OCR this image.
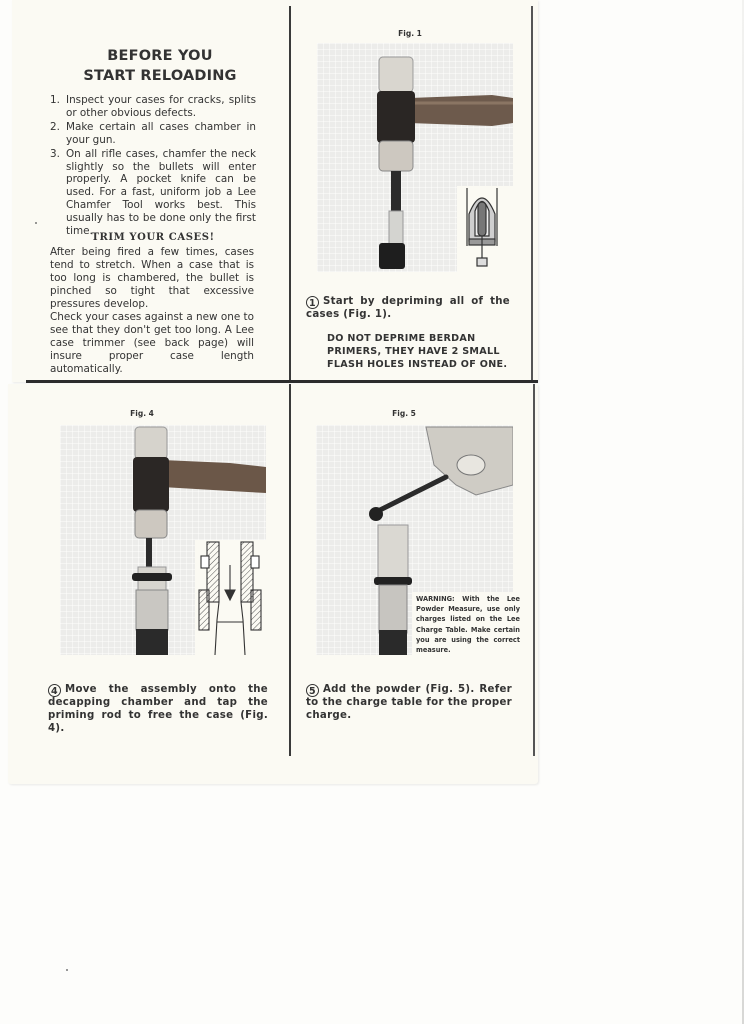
BEFORE YOU
START RELOADING
1. Inspect your cases for cracks, splits or other obvious defects.
2. Make certain all cases chamber in your gun.
3. On all rifle cases, chamfer the neck slightly so the bullets will enter properly. A pocket knife can be used. For a fast, uniform job a Lee Chamfer Tool works best. This usually has to be done only the first time.
TRIM YOUR CASES!
After being fired a few times, cases tend to stretch. When a case that is too long is chambered, the bullet is pinched so tight that excessive pressures develop.
Check your cases against a new one to see that they don't get too long. A Lee case trimmer (see back page) will insure proper case length automatically.
Fig. 1
1 Start by depriming all of the cases (Fig. 1).
DO NOT DEPRIME BERDAN PRIMERS, THEY HAVE 2 SMALL FLASH HOLES INSTEAD OF ONE.
Fig. 4
4 Move the assembly onto the decapping chamber and tap the priming rod to free the case (Fig. 4).
Fig. 5
WARNING: With the Lee Powder Measure, use only charges listed on the Lee Charge Table. Make certain you are using the correct measure.
5 Add the powder (Fig. 5). Refer to the charge table for the proper charge.
